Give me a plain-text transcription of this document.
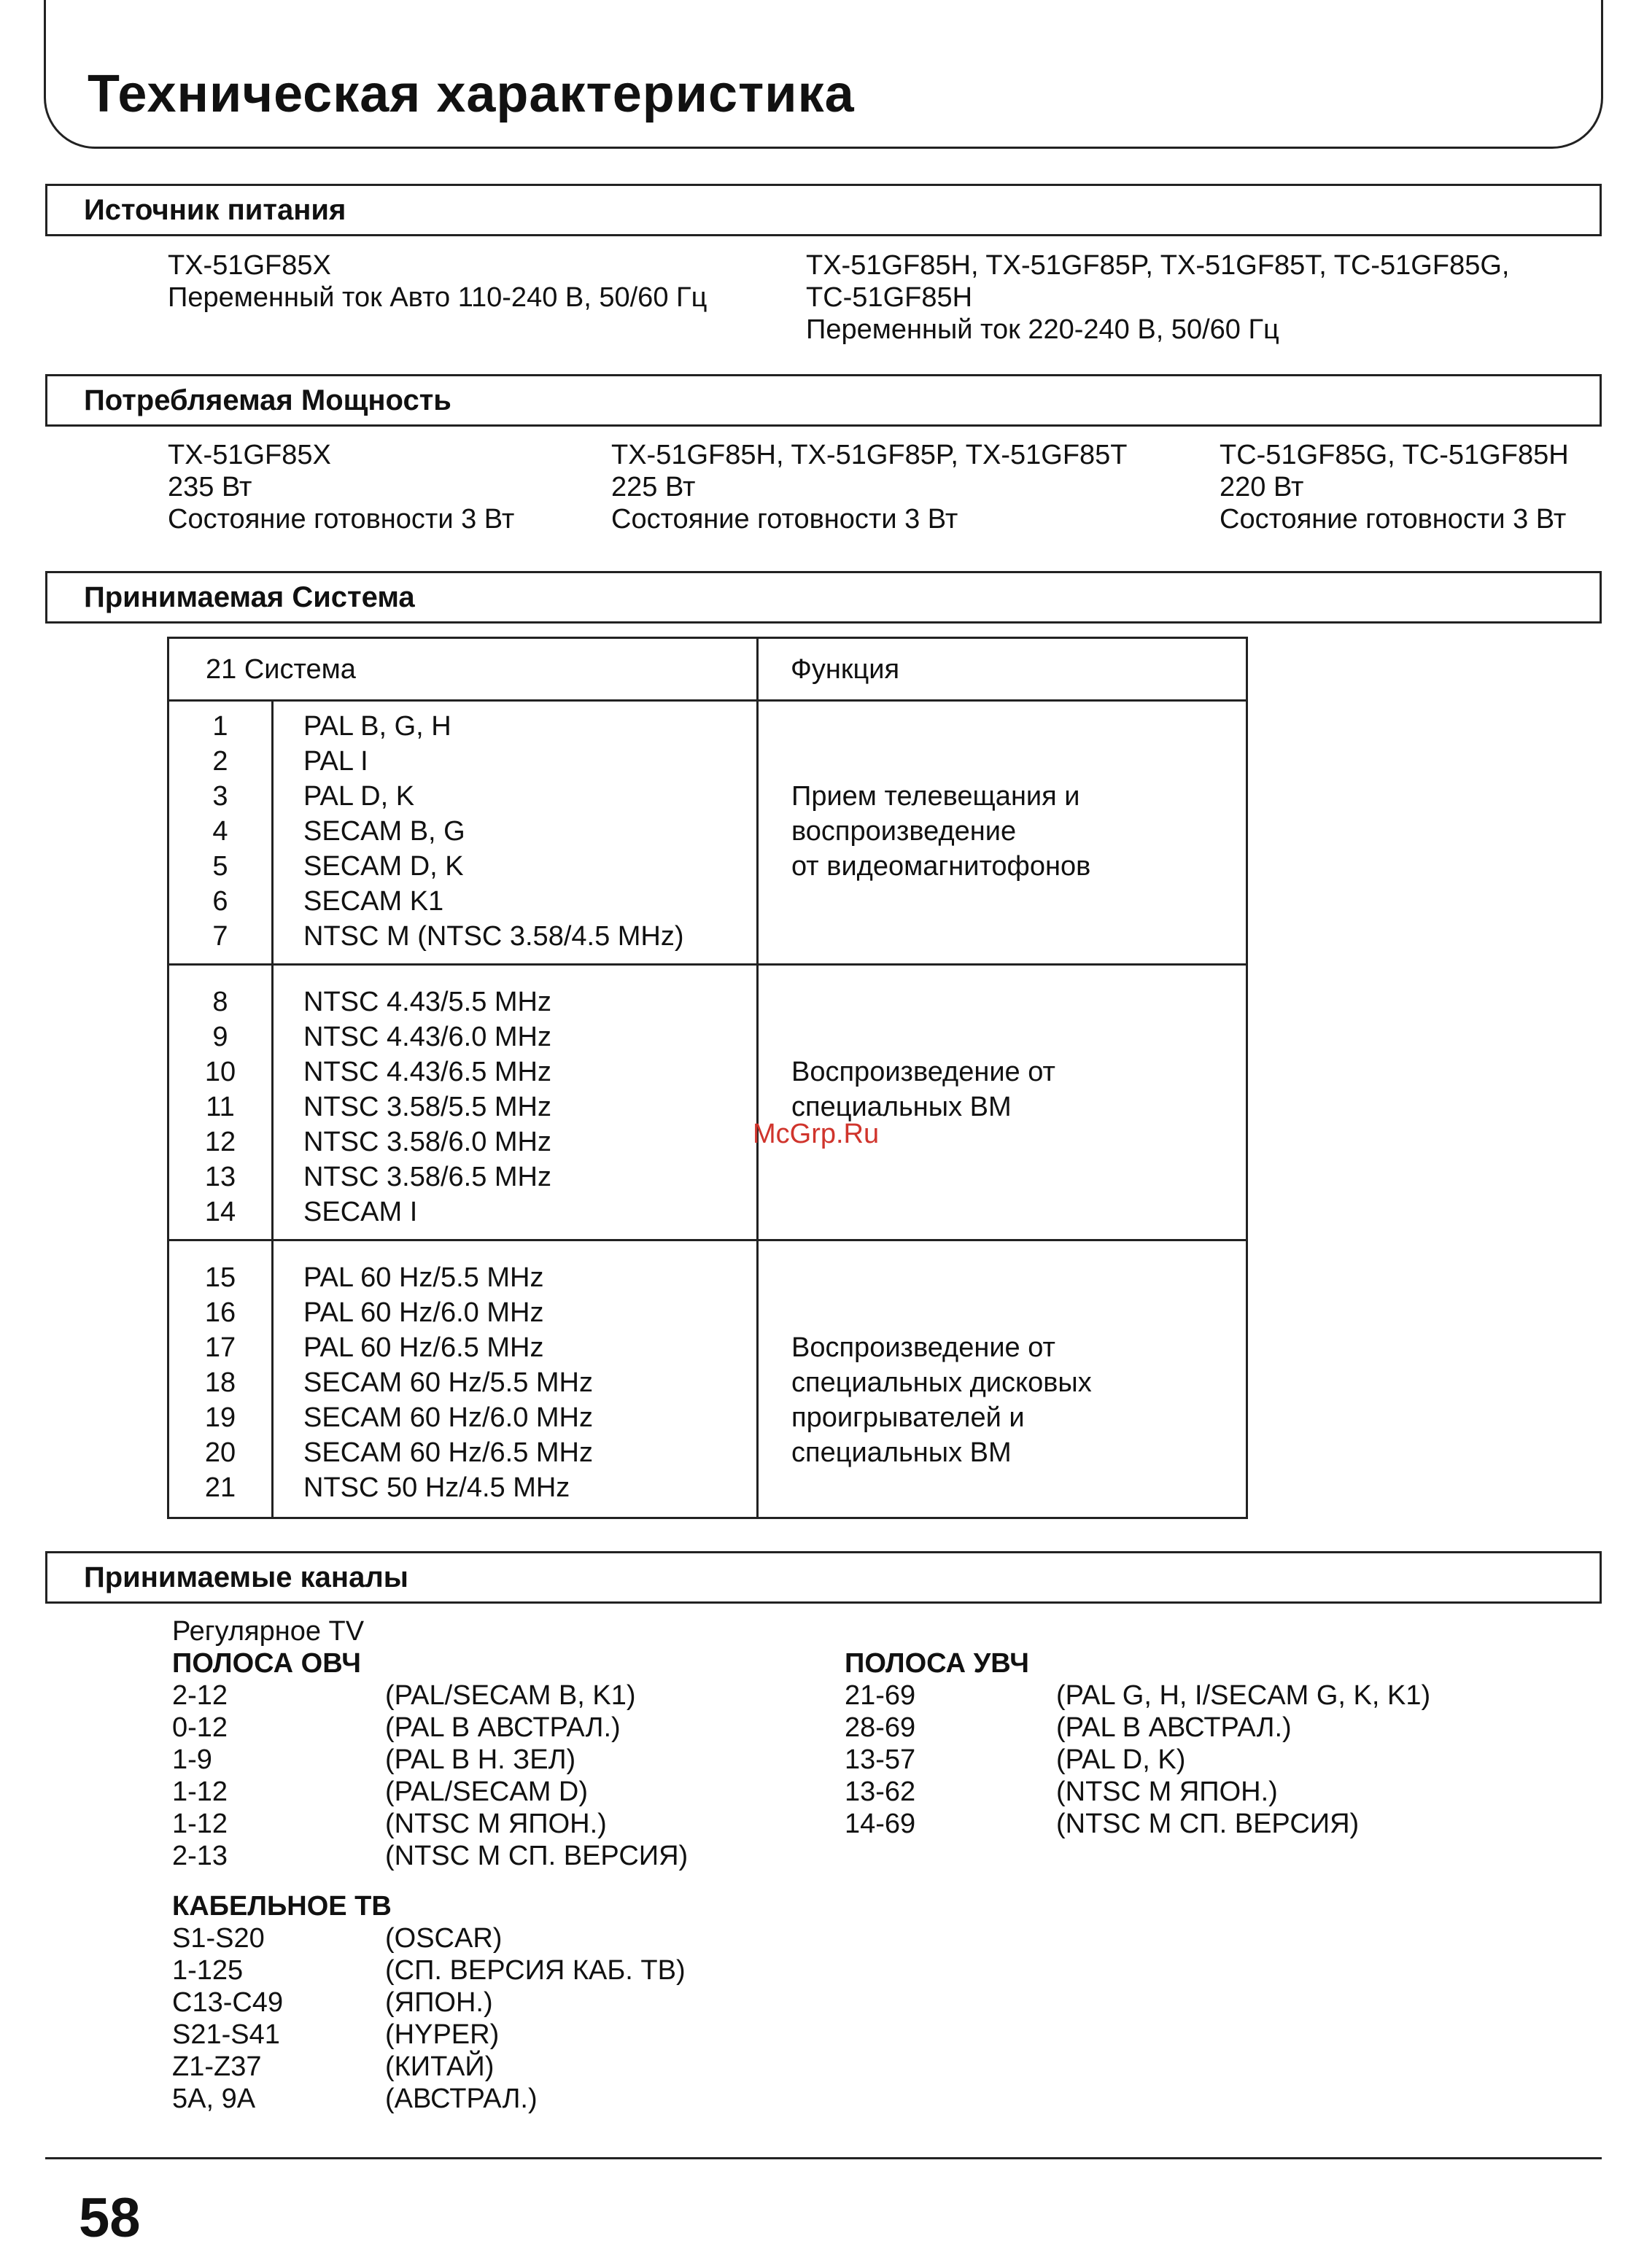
Техническая характеристика
Источник питания
TX-51GF85X
Переменный ток Авто 110-240 В, 50/60 Гц
TX-51GF85H, TX-51GF85P, TX-51GF85T, TC-51GF85G,
TC-51GF85H
Переменный ток 220-240 В, 50/60 Гц
Потребляемая Мощность
TX-51GF85X
235 Вт
Состояние готовности 3 Вт
TX-51GF85H, TX-51GF85P, TX-51GF85T
225 Вт
Состояние готовности 3 Вт
TC-51GF85G, TC-51GF85H
220 Вт
Состояние готовности 3 Вт
Принимаемая Система
21 Система	Функция
1
2
3
4
5
6
7
PAL B, G, H
PAL I
PAL D, K
SECAM B, G
SECAM D, K
SECAM K1
NTSC M (NTSC 3.58/4.5 MHz)
Прием телевещания и
воспроизведение
от видеомагнитофонов
8
9
10
11
12
13
14
NTSC 4.43/5.5 MHz
NTSC 4.43/6.0 MHz
NTSC 4.43/6.5 MHz
NTSC 3.58/5.5 MHz
NTSC 3.58/6.0 MHz
NTSC 3.58/6.5 MHz
SECAM I
Воспроизведение от
специальных ВМ
15
16
17
18
19
20
21
PAL 60 Hz/5.5 MHz
PAL 60 Hz/6.0 MHz
PAL 60 Hz/6.5 MHz
SECAM 60 Hz/5.5 MHz
SECAM 60 Hz/6.0 MHz
SECAM 60 Hz/6.5 MHz
NTSC 50 Hz/4.5 MHz
Воспроизведение от
специальных дисковых
проигрывателей и
специальных ВМ
McGrp.Ru
Принимаемые каналы
Регулярное TV
ПОЛОСА ОВЧ
2-12
0-12
1-9
1-12
1-12
2-13
(PAL/SECAM B, K1)
(PAL B АВСТРАЛ.)
(PAL B H. ЗЕЛ)
(PAL/SECAM D)
(NTSC M ЯПОН.)
(NTSC M СП. ВЕРСИЯ)
ПОЛОСА УВЧ
21-69
28-69
13-57
13-62
14-69
(PAL G, H, I/SECAM G, K, K1)
(PAL B АВСТРАЛ.)
(PAL D, K)
(NTSC M ЯПОН.)
(NTSC M СП. ВЕРСИЯ)
КАБЕЛЬНОЕ ТВ
S1-S20
1-125
C13-C49
S21-S41
Z1-Z37
5A, 9A
(OSCAR)
(СП. ВЕРСИЯ КАБ. ТВ)
(ЯПОН.)
(HYPER)
(КИТАЙ)
(АВСТРАЛ.)
58
